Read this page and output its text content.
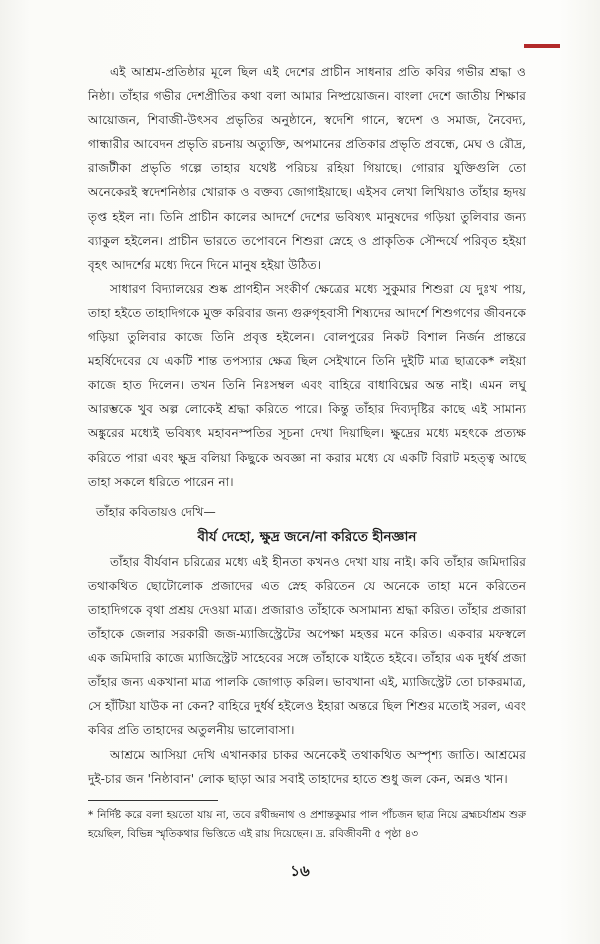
এই আশ্রম-প্রতিষ্ঠার মূলে ছিল এই দেশের প্রাচীন সাধনার প্রতি কবির গভীর শ্রদ্ধা ও নিষ্ঠা। তাঁহার গভীর দেশপ্রীতির কথা বলা আমার নিষ্প্রয়োজন। বাংলা দেশে জাতীয় শিক্ষার আয়োজন, শিবাজী-উৎসব প্রভৃতির অনুষ্ঠানে, স্বদেশি গানে, স্বদেশ ও সমাজ, নৈবেদ্য, গান্ধারীর আবেদন প্রভৃতি রচনায় অত্যুক্তি, অপমানের প্রতিকার প্রভৃতি প্রবন্ধে, মেঘ ও রৌদ্র, রাজটীকা প্রভৃতি গল্পে তাহার যথেষ্ট পরিচয় রহিয়া গিয়াছে। গোরার যুক্তিগুলি তো অনেকেরই স্বদেশনিষ্ঠার খোরাক ও বক্তব্য জোগাইয়াছে। এইসব লেখা লিখিয়াও তাঁহার হৃদয় তৃপ্ত হইল না। তিনি প্রাচীন কালের আদর্শে দেশের ভবিষ্যৎ মানুষদের গড়িয়া তুলিবার জন্য ব্যাকুল হইলেন। প্রাচীন ভারতে তপোবনে শিশুরা স্নেহে ও প্রাকৃতিক সৌন্দর্যে পরিবৃত হইয়া বৃহৎ আদর্শের মধ্যে দিনে দিনে মানুষ হইয়া উঠিত।

সাধারণ বিদ্যালয়ের শুষ্ক প্রাণহীন সংকীর্ণ ক্ষেত্রের মধ্যে সুকুমার শিশুরা যে দুঃখ পায়, তাহা হইতে তাহাদিগকে মুক্ত করিবার জন্য গুরুগৃহবাসী শিষ্যদের আদর্শে শিশুগণের জীবনকে গড়িয়া তুলিবার কাজে তিনি প্রবৃত্ত হইলেন। বোলপুরের নিকট বিশাল নির্জন প্রান্তরে মহর্ষিদেবের যে একটি শান্ত তপস্যার ক্ষেত্র ছিল সেইখানে তিনি দুইটি মাত্র ছাত্রকে* লইয়া কাজে হাত দিলেন। তখন তিনি নিঃসম্বল এবং বাহিরে বাধাবিঘ্নের অন্ত নাই। এমন লঘু আরম্ভকে খুব অল্প লোকেই শ্রদ্ধা করিতে পারে। কিন্তু তাঁহার দিব্যদৃষ্টির কাছে এই সামান্য অঙ্কুরের মধ্যেই ভবিষ্যৎ মহাবনস্পতির সূচনা দেখা দিয়াছিল। ক্ষুদ্রের মধ্যে মহৎকে প্রত্যক্ষ করিতে পারা এবং ক্ষুদ্র বলিয়া কিছুকে অবজ্ঞা না করার মধ্যে যে একটি বিরাট মহত্ত্ব আছে তাহা সকলে ধরিতে পারেন না।

তাঁহার কবিতায়ও দেখি—

বীর্য দেহো, ক্ষুদ্র জনে/না করিতে হীনজ্ঞান

তাঁহার বীর্যবান চরিত্রের মধ্যে এই হীনতা কখনও দেখা যায় নাই। কবি তাঁহার জমিদারির তথাকথিত ছোটোলোক প্রজাদের এত স্নেহ করিতেন যে অনেকে তাহা মনে করিতেন তাহাদিগকে বৃথা প্রশ্রয় দেওয়া মাত্র। প্রজারাও তাঁহাকে অসামান্য শ্রদ্ধা করিত। তাঁহার প্রজারা তাঁহাকে জেলার সরকারী জজ-ম্যাজিস্ট্রেটের অপেক্ষা মহত্তর মনে করিত। একবার মফস্বলে এক জমিদারি কাজে ম্যাজিস্ট্রেট সাহেবের সঙ্গে তাঁহাকে যাইতে হইবে। তাঁহার এক দুর্ধর্ষ প্রজা তাঁহার জন্য একখানা মাত্র পালকি জোগাড় করিল। ভাবখানা এই, ম্যাজিস্ট্রেট তো চাকরমাত্র, সে হাঁটিয়া যাউক না কেন? বাহিরে দুর্ধর্ষ হইলেও ইহারা অন্তরে ছিল শিশুর মতোই সরল, এবং কবির প্রতি তাহাদের অতুলনীয় ভালোবাসা।

আশ্রমে আসিয়া দেখি এখানকার চাকর অনেকেই তথাকথিত অস্পৃশ্য জাতি। আশ্রমের দুই-চার জন 'নিষ্ঠাবান' লোক ছাড়া আর সবাই তাহাদের হাতে শুধু জল কেন, অন্নও খান।

* নির্দিষ্ট করে বলা হয়তো যায় না, তবে রথীন্দ্রনাথ ও প্রশান্তকুমার পাল পাঁচজন ছাত্র নিয়ে ব্রহ্মচর্যাশ্রম শুরু হয়েছিল, বিভিন্ন স্মৃতিকথার ভিত্তিতে এই রায় দিয়েছেন। দ্র. রবিজীবনী ৫ পৃষ্ঠা ৪৩

১৬
